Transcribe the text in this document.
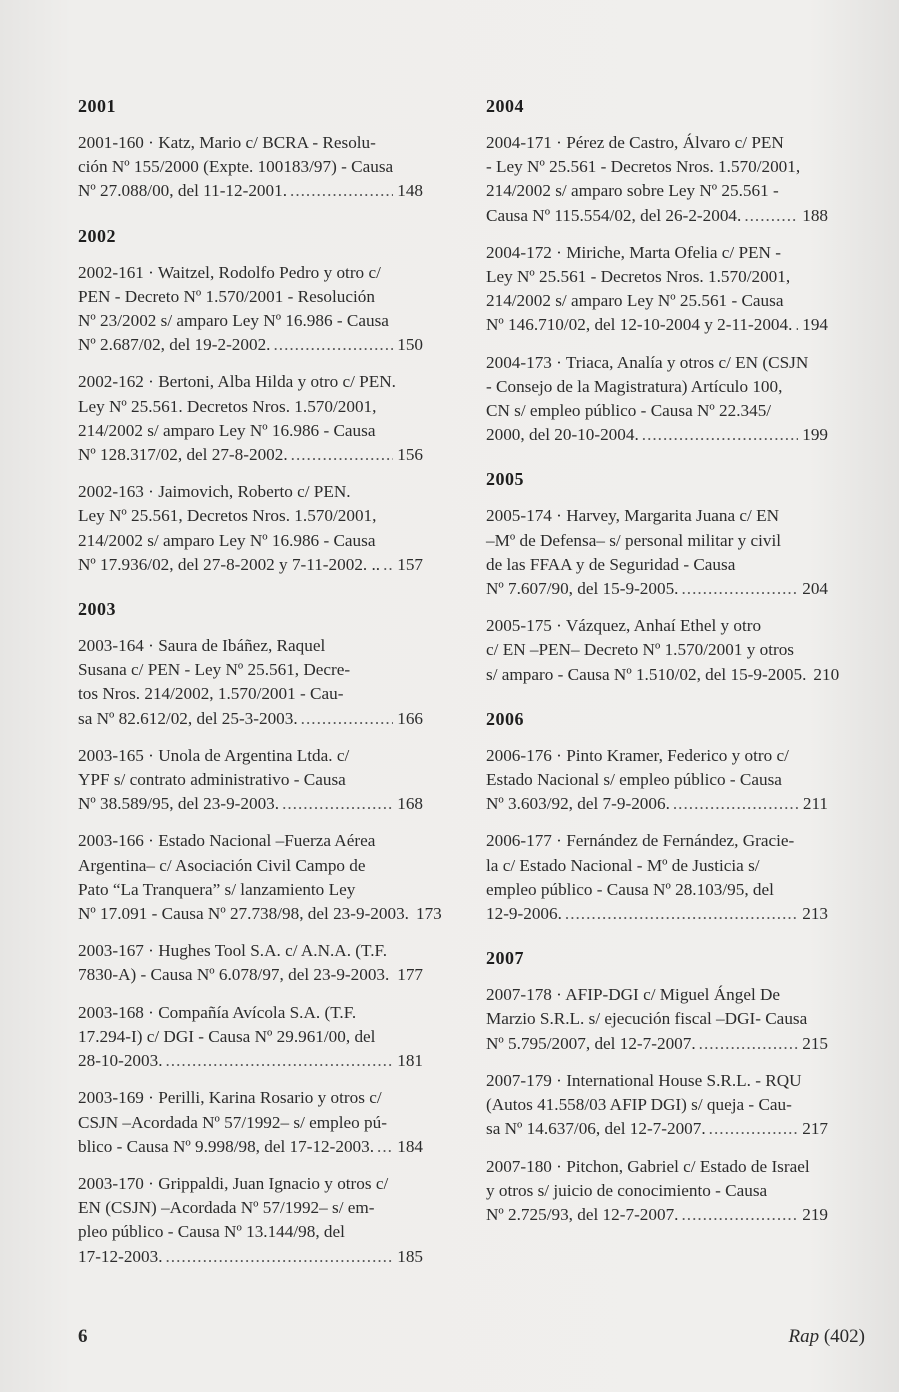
2001
2001-160 · Katz, Mario c/ BCRA - Resolu-
ción Nº 155/2000 (Expte. 100183/97) - Causa
Nº 27.088/00, del 11-12-2001. .....	148
2002
2002-161 · Waitzel, Rodolfo Pedro y otro c/
PEN - Decreto Nº 1.570/2001 - Resolución
Nº 23/2002 s/ amparo Ley Nº 16.986 - Causa
Nº 2.687/02, del 19-2-2002. .....	150
2002-162 · Bertoni, Alba Hilda y otro c/ PEN.
Ley Nº 25.561. Decretos Nros. 1.570/2001,
214/2002 s/ amparo Ley Nº 16.986 - Causa
Nº 128.317/02, del 27-8-2002. .....	156
2002-163 · Jaimovich, Roberto c/ PEN.
Ley Nº 25.561, Decretos Nros. 1.570/2001,
214/2002 s/ amparo Ley Nº 16.986 - Causa
Nº 17.936/02, del 27-8-2002 y 7-11-2002. .. ..... 157
2003
2003-164 · Saura de Ibáñez, Raquel
Susana c/ PEN - Ley Nº 25.561, Decre-
tos Nros. 214/2002, 1.570/2001 - Cau-
sa Nº 82.612/02, del 25-3-2003. .....	166
2003-165 · Unola de Argentina Ltda. c/
YPF s/ contrato administrativo - Causa
Nº 38.589/95, del 23-9-2003. .....	168
2003-166 · Estado Nacional –Fuerza Aérea
Argentina– c/ Asociación Civil Campo de
Pato “La Tranquera” s/ lanzamiento Ley
Nº 17.091 - Causa Nº 27.738/98, del 23-9-2003. 173
2003-167 · Hughes Tool S.A. c/ A.N.A. (T.F.
7830-A) - Causa Nº 6.078/97, del 23-9-2003. ..... 177
2003-168 · Compañía Avícola S.A. (T.F.
17.294-I) c/ DGI - Causa Nº 29.961/00, del
28-10-2003. .....	181
2003-169 · Perilli, Karina Rosario y otros c/
CSJN –Acordada Nº 57/1992– s/ empleo pú-
blico - Causa Nº 9.998/98, del 17-12-2003. ..... 184
2003-170 · Grippaldi, Juan Ignacio y otros c/
EN (CSJN) –Acordada Nº 57/1992– s/ em-
pleo público - Causa Nº 13.144/98, del
17-12-2003. .....	185
2004
2004-171 · Pérez de Castro, Álvaro c/ PEN
- Ley Nº 25.561 - Decretos Nros. 1.570/2001,
214/2002 s/ amparo sobre Ley Nº 25.561 -
Causa Nº 115.554/02, del 26-2-2004. .....	188
2004-172 · Miriche, Marta Ofelia c/ PEN -
Ley Nº 25.561 - Decretos Nros. 1.570/2001,
214/2002 s/ amparo Ley Nº 25.561 - Causa
Nº 146.710/02, del 12-10-2004 y 2-11-2004. ..... 194
2004-173 · Triaca, Analía y otros c/ EN (CSJN
- Consejo de la Magistratura) Artículo 100,
CN s/ empleo público - Causa Nº 22.345/
2000, del 20-10-2004. .....	199
2005
2005-174 · Harvey, Margarita Juana c/ EN
–Mº de Defensa– s/ personal militar y civil
de las FFAA y de Seguridad - Causa
Nº 7.607/90, del 15-9-2005. .....	204
2005-175 · Vázquez, Anhaí Ethel y otro
c/ EN –PEN– Decreto Nº 1.570/2001 y otros
s/ amparo - Causa Nº 1.510/02, del 15-9-2005. 210
2006
2006-176 · Pinto Kramer, Federico y otro c/
Estado Nacional s/ empleo público - Causa
Nº 3.603/92, del 7-9-2006. .....	211
2006-177 · Fernández de Fernández, Gracie-
la c/ Estado Nacional - Mº de Justicia s/
empleo público - Causa Nº 28.103/95, del
12-9-2006. .....	213
2007
2007-178 · AFIP-DGI c/ Miguel Ángel De
Marzio S.R.L. s/ ejecución fiscal –DGI- Causa
Nº 5.795/2007, del 12-7-2007. .....	215
2007-179 · International House S.R.L. - RQU
(Autos 41.558/03 AFIP DGI) s/ queja - Cau-
sa Nº 14.637/06, del 12-7-2007. .....	217
2007-180 · Pitchon, Gabriel c/ Estado de Israel
y otros s/ juicio de conocimiento - Causa
Nº 2.725/93, del 12-7-2007. .....	219
6	Rap (402)
